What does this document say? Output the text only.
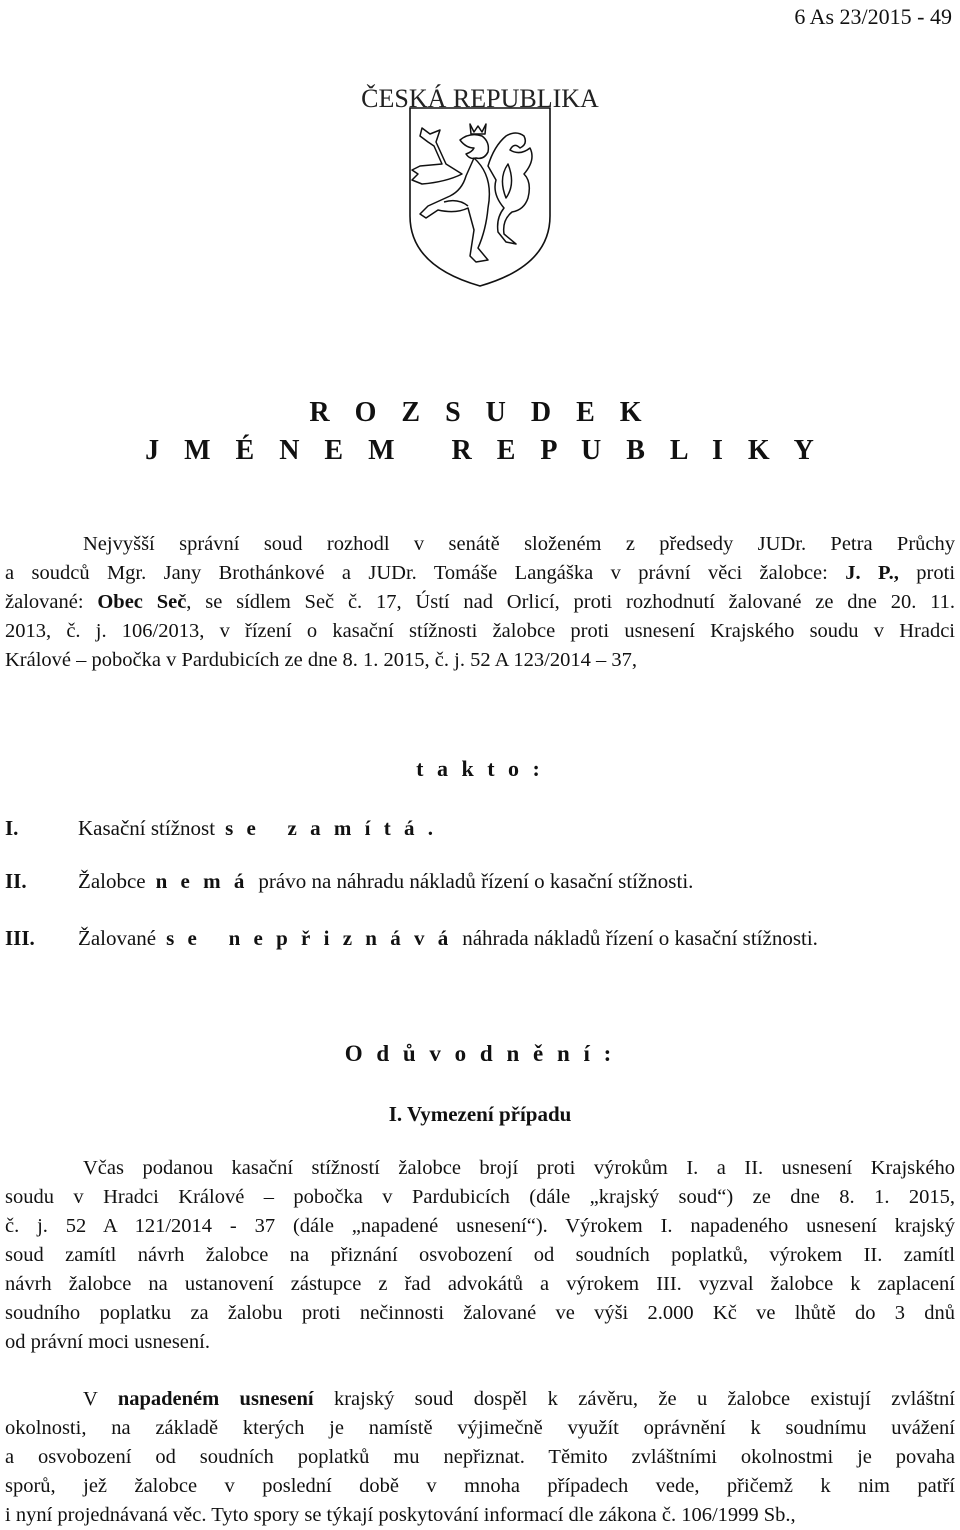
6 As 23/2015 - 49
ČESKÁ REPUBLIKA
R O Z S U D E K
J M É N E M   R E P U B L I K Y
Nejvyšší správní soud rozhodl v senátě složeném z předsedy JUDr. Petra Průchy
a soudců Mgr. Jany Brothánkové a JUDr. Tomáše Langáška v právní věci žalobce: J. P., proti
žalované: Obec Seč, se sídlem Seč č. 17, Ústí nad Orlicí, proti rozhodnutí žalované ze dne 20. 11.
2013, č. j. 106/2013, v řízení o kasační stížnosti žalobce proti usnesení Krajského soudu v Hradci
Králové – pobočka v Pardubicích ze dne 8. 1. 2015, č. j. 52 A 123/2014 – 37,
t a k t o :
I.	Kasační stížnost s e   z a m í t á .
II. Žalobce n e m á právo na náhradu nákladů řízení o kasační stížnosti.
III. Žalované s e   n e p ř i z n á v á náhrada nákladů řízení o kasační stížnosti.
O d ů v o d n ě n í :
I. Vymezení případu
Včas podanou kasační stížností žalobce brojí proti výrokům I. a II. usnesení Krajského
soudu v Hradci Králové – pobočka v Pardubicích (dále „krajský soud“) ze dne 8. 1. 2015,
č. j. 52 A 121/2014 - 37 (dále „napadené usnesení“). Výrokem I. napadeného usnesení krajský
soud zamítl návrh žalobce na přiznání osvobození od soudních poplatků, výrokem II. zamítl
návrh žalobce na ustanovení zástupce z řad advokátů a výrokem III. vyzval žalobce k zaplacení
soudního poplatku za žalobu proti nečinnosti žalované ve výši 2.000 Kč ve lhůtě do 3 dnů
od právní moci usnesení.
V napadeném usnesení krajský soud dospěl k závěru, že u žalobce existují zvláštní
okolnosti, na základě kterých je namístě výjimečně využít oprávnění k soudnímu uvážení
a osvobození od soudních poplatků mu nepřiznat. Těmito zvláštními okolnostmi je povaha
sporů, jež žalobce v poslední době v mnoha případech vede, přičemž k nim patří
i nyní projednávaná věc. Tyto spory se týkají poskytování informací dle zákona č. 106/1999 Sb.,
